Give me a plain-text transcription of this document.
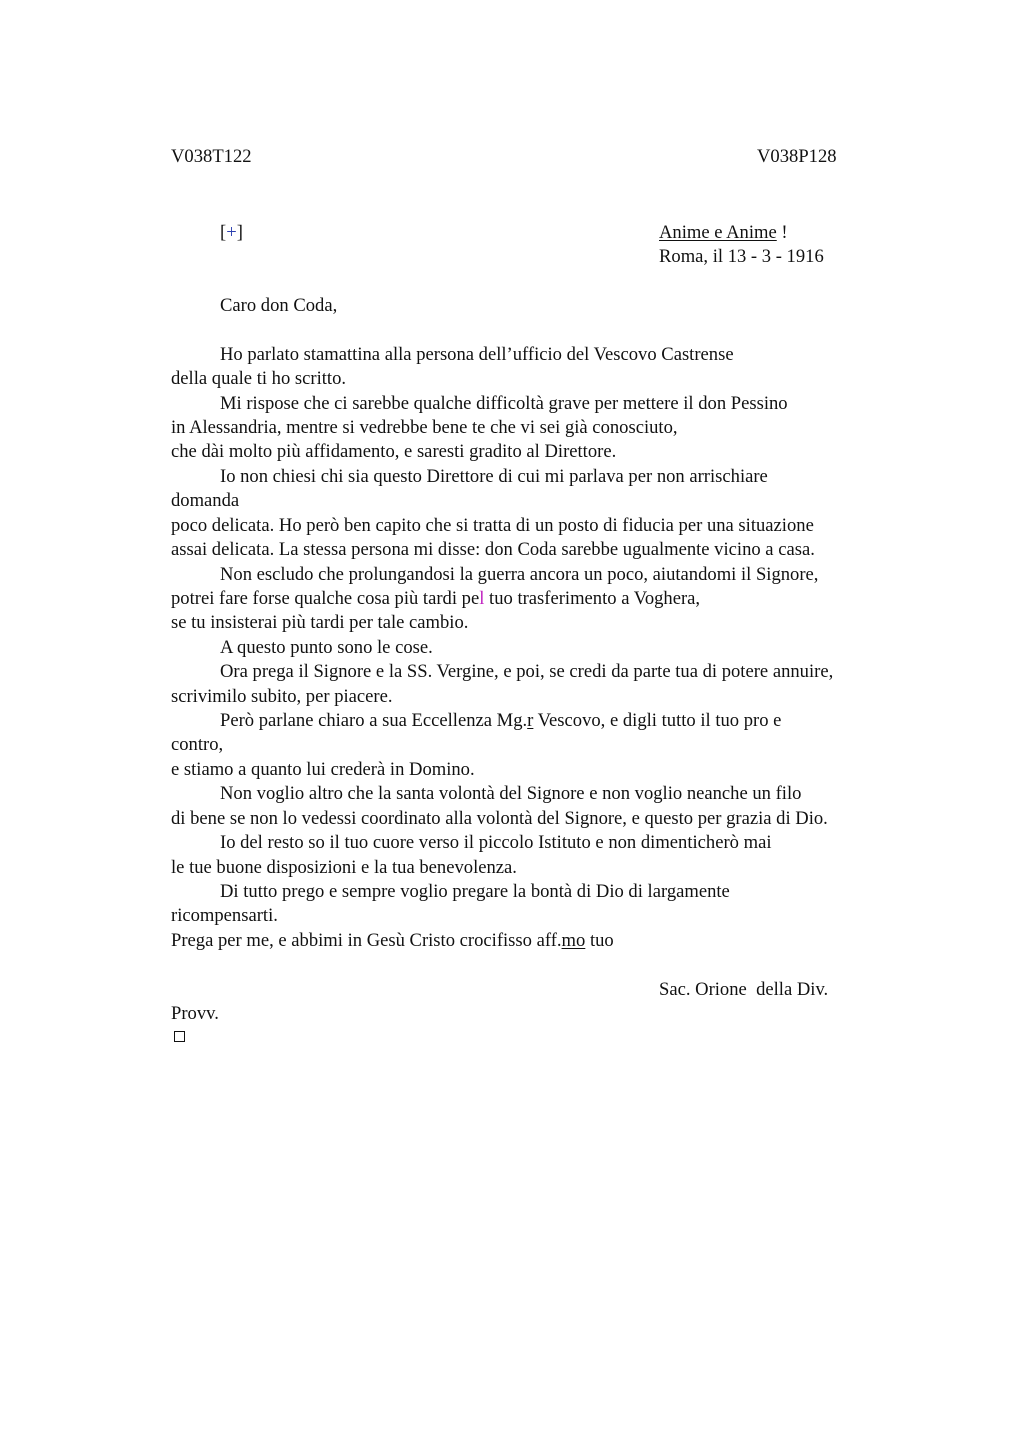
V038T122	V038P128
[+]	Anime e Anime !
Roma, il 13 - 3 - 1916
Caro don Coda,
Ho parlato stamattina alla persona dell’ufficio del Vescovo Castrense
della quale ti ho scritto.
Mi rispose che ci sarebbe qualche difficoltà grave per mettere il don Pessino
in Alessandria, mentre si vedrebbe bene te che vi sei già conosciuto,
che dài molto più affidamento, e saresti gradito al Direttore.
Io non chiesi chi sia questo Direttore di cui mi parlava per non arrischiare
domanda
poco delicata. Ho però ben capito che si tratta di un posto di fiducia per una situazione
assai delicata. La stessa persona mi disse: don Coda sarebbe ugualmente vicino a casa.
Non escludo che prolungandosi la guerra ancora un poco, aiutandomi il Signore,
potrei fare forse qualche cosa più tardi pel tuo trasferimento a Voghera,
se tu insisterai più tardi per tale cambio.
A questo punto sono le cose.
Ora prega il Signore e la SS. Vergine, e poi, se credi da parte tua di potere annuire,
scrivimilo subito, per piacere.
Però parlane chiaro a sua Eccellenza Mg.r Vescovo, e digli tutto il tuo pro e
contro,
e stiamo a quanto lui crederà in Domino.
Non voglio altro che la santa volontà del Signore e non voglio neanche un filo
di bene se non lo vedessi coordinato alla volontà del Signore, e questo per grazia di Dio.
Io del resto so il tuo cuore verso il piccolo Istituto e non dimenticherò mai
le tue buone disposizioni e la tua benevolenza.
Di tutto prego e sempre voglio pregare la bontà di Dio di largamente
ricompensarti.
Prega per me, e abbimi in Gesù Cristo crocifisso aff.mo tuo
Sac. Orione  della Div.
Provv.
